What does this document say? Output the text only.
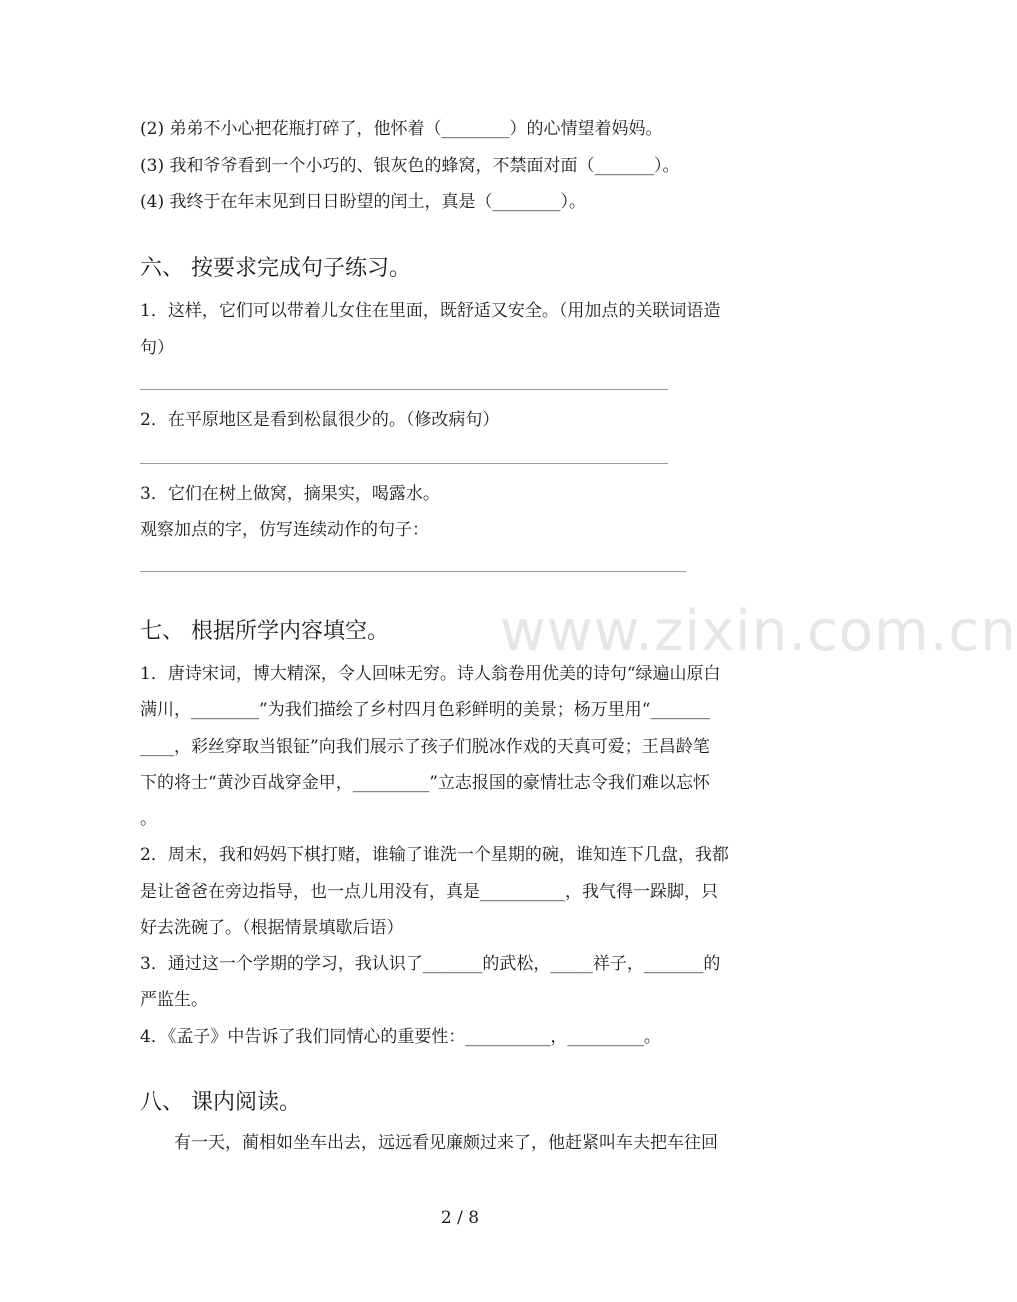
www.zixin.com.cn
(2) 弟弟不小心把花瓶打碎了，他怀着（________）的心情望着妈妈。
(3) 我和爷爷看到一个小巧的、银灰色的蜂窝，不禁面对面（_______）。
(4) 我终于在年末见到日日盼望的闰土，真是（________）。
六、 按要求完成句子练习。
1．这样，它们可以带着儿女住在里面，既舒适又安全。（用加点的关联词语造
句）
2．在平原地区是看到松鼠很少的。（修改病句）
3．它们在树上做窝，摘果实，喝露水。
观察加点的字，仿写连续动作的句子：
七、 根据所学内容填空。
1．唐诗宋词，博大精深，令人回味无穷。诗人翁卷用优美的诗句“绿遍山原白
满川，________”为我们描绘了乡村四月色彩鲜明的美景；杨万里用“_______
____，彩丝穿取当银钲”向我们展示了孩子们脱冰作戏的天真可爱；王昌龄笔
下的将士“黄沙百战穿金甲，_________”立志报国的豪情壮志令我们难以忘怀
。
2．周末，我和妈妈下棋打赌，谁输了谁洗一个星期的碗，谁知连下几盘，我都
是让爸爸在旁边指导，也一点儿用没有，真是__________，我气得一跺脚，只
好去洗碗了。（根据情景填歇后语）
3．通过这一个学期的学习，我认识了_______的武松，_____祥子，_______的
严监生。
4．《孟子》中告诉了我们同情心的重要性：__________，_________。
八、 课内阅读。
有一天，蔺相如坐车出去，远远看见廉颇过来了，他赶紧叫车夫把车往回
2 / 8
